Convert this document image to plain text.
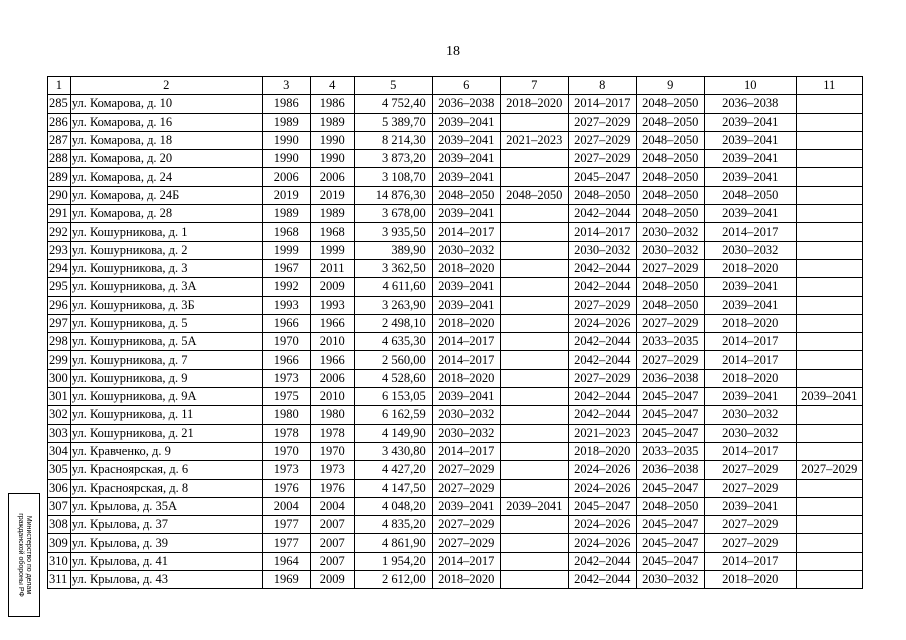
18
1	2	3	4	5	6	7	8	9	10	11
285	ул. Комарова, д. 10	1986	1986	4 752,40	2036–2038	2018–2020	2014–2017	2048–2050	2036–2038	
286	ул. Комарова, д. 16	1989	1989	5 389,70	2039–2041		2027–2029	2048–2050	2039–2041	
287	ул. Комарова, д. 18	1990	1990	8 214,30	2039–2041	2021–2023	2027–2029	2048–2050	2039–2041	
288	ул. Комарова, д. 20	1990	1990	3 873,20	2039–2041		2027–2029	2048–2050	2039–2041	
289	ул. Комарова, д. 24	2006	2006	3 108,70	2039–2041		2045–2047	2048–2050	2039–2041	
290	ул. Комарова, д. 24Б	2019	2019	14 876,30	2048–2050	2048–2050	2048–2050	2048–2050	2048–2050	
291	ул. Комарова, д. 28	1989	1989	3 678,00	2039–2041		2042–2044	2048–2050	2039–2041	
292	ул. Кошурникова, д. 1	1968	1968	3 935,50	2014–2017		2014–2017	2030–2032	2014–2017	
293	ул. Кошурникова, д. 2	1999	1999	389,90	2030–2032		2030–2032	2030–2032	2030–2032	
294	ул. Кошурникова, д. 3	1967	2011	3 362,50	2018–2020		2042–2044	2027–2029	2018–2020	
295	ул. Кошурникова, д. 3А	1992	2009	4 611,60	2039–2041		2042–2044	2048–2050	2039–2041	
296	ул. Кошурникова, д. 3Б	1993	1993	3 263,90	2039–2041		2027–2029	2048–2050	2039–2041	
297	ул. Кошурникова, д. 5	1966	1966	2 498,10	2018–2020		2024–2026	2027–2029	2018–2020	
298	ул. Кошурникова, д. 5А	1970	2010	4 635,30	2014–2017		2042–2044	2033–2035	2014–2017	
299	ул. Кошурникова, д. 7	1966	1966	2 560,00	2014–2017		2042–2044	2027–2029	2014–2017	
300	ул. Кошурникова, д. 9	1973	2006	4 528,60	2018–2020		2027–2029	2036–2038	2018–2020	
301	ул. Кошурникова, д. 9А	1975	2010	6 153,05	2039–2041		2042–2044	2045–2047	2039–2041	2039–2041
302	ул. Кошурникова, д. 11	1980	1980	6 162,59	2030–2032		2042–2044	2045–2047	2030–2032	
303	ул. Кошурникова, д. 21	1978	1978	4 149,90	2030–2032		2021–2023	2045–2047	2030–2032	
304	ул. Кравченко, д. 9	1970	1970	3 430,80	2014–2017		2018–2020	2033–2035	2014–2017	
305	ул. Красноярская, д. 6	1973	1973	4 427,20	2027–2029		2024–2026	2036–2038	2027–2029	2027–2029
306	ул. Красноярская, д. 8	1976	1976	4 147,50	2027–2029		2024–2026	2045–2047	2027–2029	
307	ул. Крылова, д. 35А	2004	2004	4 048,20	2039–2041	2039–2041	2045–2047	2048–2050	2039–2041	
308	ул. Крылова, д. 37	1977	2007	4 835,20	2027–2029		2024–2026	2045–2047	2027–2029	
309	ул. Крылова, д. 39	1977	2007	4 861,90	2027–2029		2024–2026	2045–2047	2027–2029	
310	ул. Крылова, д. 41	1964	2007	1 954,20	2014–2017		2042–2044	2045–2047	2014–2017	
311	ул. Крылова, д. 43	1969	2009	2 612,00	2018–2020		2042–2044	2030–2032	2018–2020	
Министерство по делам гражданской обороны РФ
